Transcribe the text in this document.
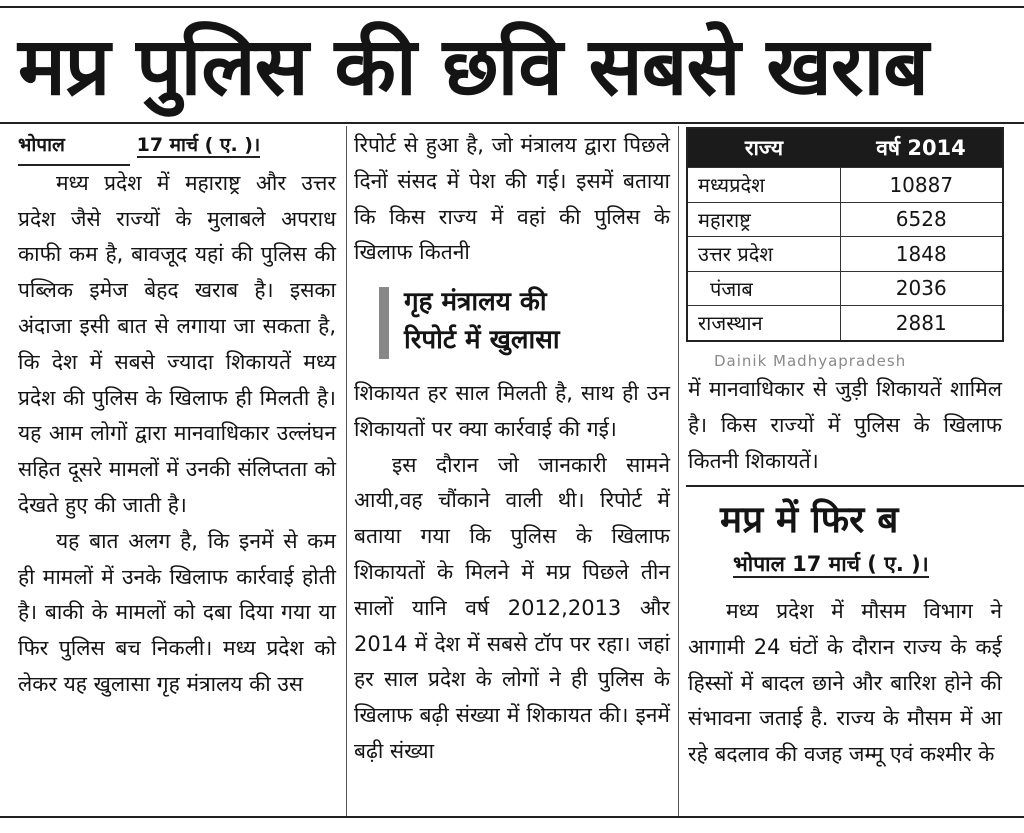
मप्र पुलिस की छवि सबसे खराब
भोपाल	17 मार्च ( ए. )।

मध्य प्रदेश में महाराष्ट्र और उत्तर प्रदेश जैसे राज्यों के मुलाबले अपराध काफी कम है, बावजूद यहां की पुलिस की पब्लिक इमेज बेहद खराब है। इसका अंदाजा इसी बात से लगाया जा सकता है, कि देश में सबसे ज्यादा शिकायतें मध्य प्रदेश की पुलिस के खिलाफ ही मिलती है। यह आम लोगों द्वारा मानवाधिकार उल्लंघन सहित दूसरे मामलों में उनकी संलिप्तता को देखते हुए की जाती है।

यह बात अलग है, कि इनमें से कम ही मामलों में उनके खिलाफ कार्रवाई होती है। बाकी के मामलों को दबा दिया गया या फिर पुलिस बच निकली। मध्य प्रदेश को लेकर यह खुलासा गृह मंत्रालय की उस

रिपोर्ट से हुआ है, जो मंत्रालय द्वारा पिछले दिनों संसद में पेश की गई। इसमें बताया कि किस राज्य में वहां की पुलिस के खिलाफ कितनी

गृह मंत्रालय की
रिपोर्ट में खुलासा

शिकायत हर साल मिलती है, साथ ही उन शिकायतों पर क्या कार्रवाई की गई।

इस दौरान जो जानकारी सामने आयी,वह चौंकाने वाली थी। रिपोर्ट में बताया गया कि पुलिस के खिलाफ शिकायतों के मिलने में मप्र पिछले तीन सालों यानि वर्ष 2012,2013 और 2014 में देश में सबसे टॉप पर रहा। जहां हर साल प्रदेश के लोगों ने ही पुलिस के खिलाफ बढ़ी संख्या में शिकायत की। इनमें बढ़ी संख्या

राज्य	वर्ष 2014
मध्यप्रदेश	10887
महाराष्ट्र	6528
उत्तर प्रदेश	1848
पंजाब	2036
राजस्थान	2881
Dainik Madhyapradesh

में मानवाधिकार से जुड़ी शिकायतें शामिल है। किस राज्यों में पुलिस के खिलाफ कितनी शिकायतें।

मप्र में फिर ब
भोपाल 17 मार्च ( ए. )।

मध्य प्रदेश में मौसम विभाग ने आगामी 24 घंटों के दौरान राज्य के कई हिस्सों में बादल छाने और बारिश होने की संभावना जताई है. राज्य के मौसम में आ रहे बदलाव की वजह जम्मू एवं कश्मीर के
